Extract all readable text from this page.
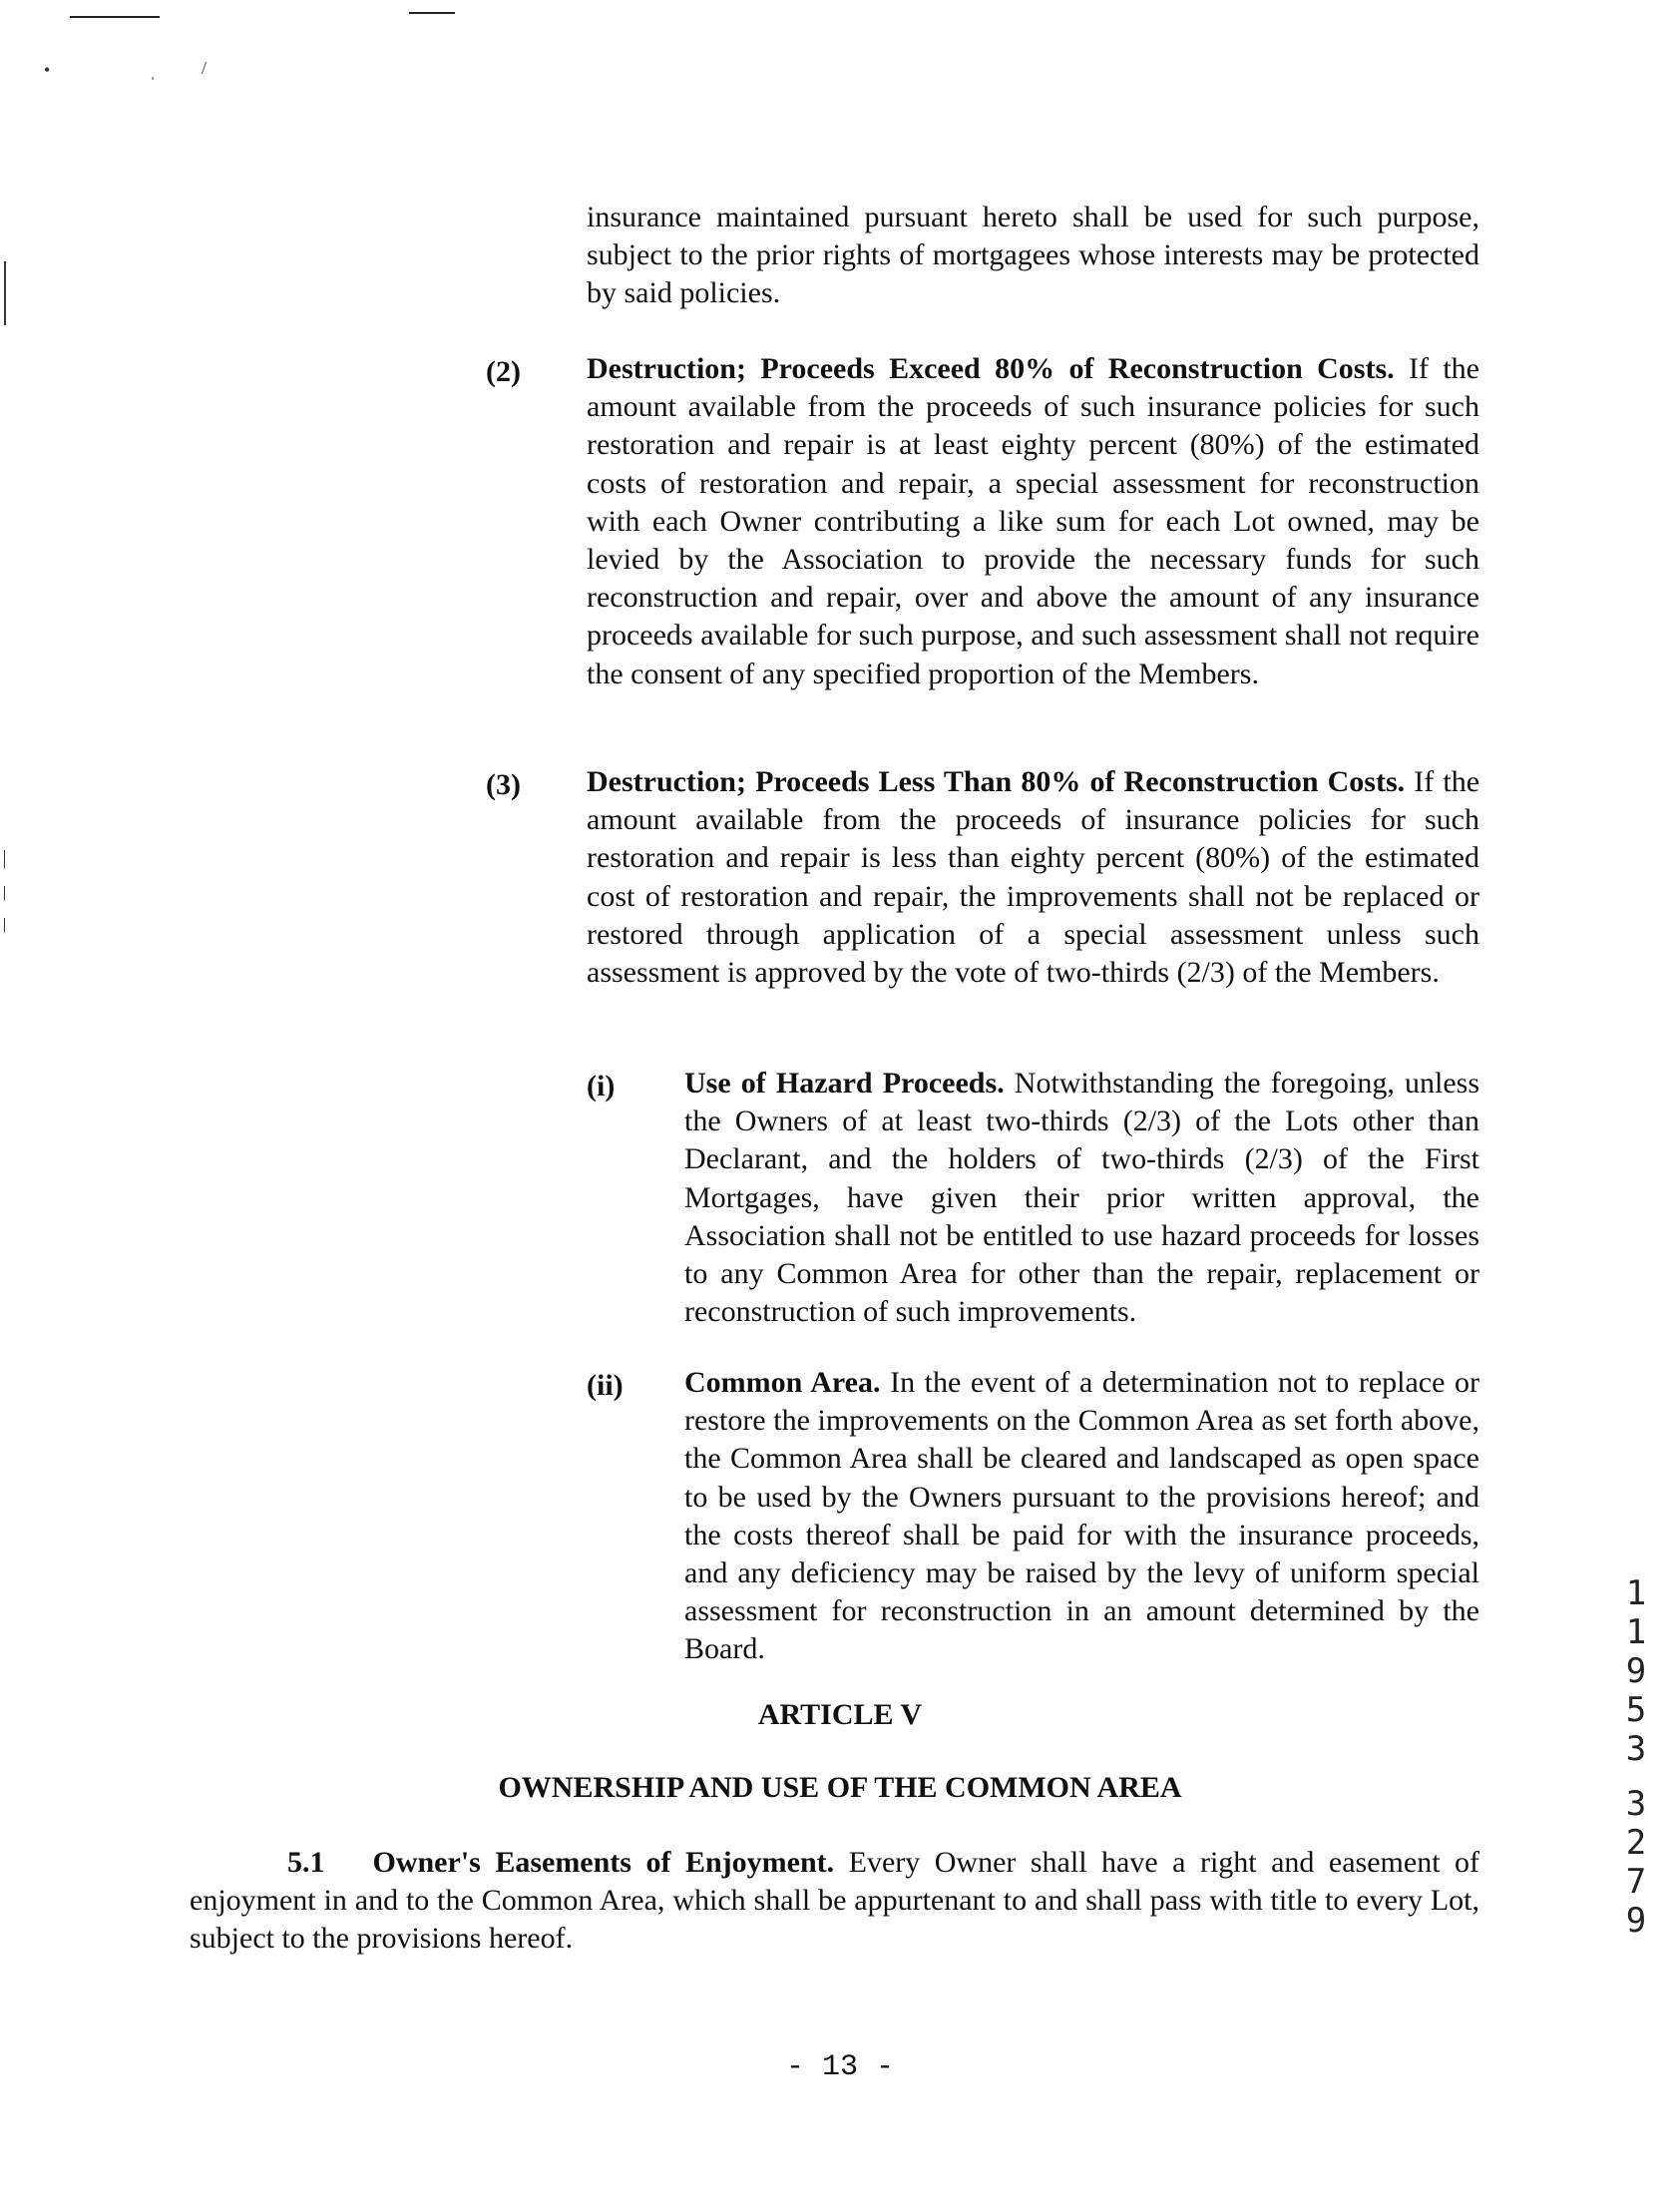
•	ˌ	/

insurance maintained pursuant hereto shall be used for such purpose, subject to the prior rights of mortgagees whose interests may be protected by said policies.

(2) Destruction; Proceeds Exceed 80% of Reconstruction Costs. If the amount available from the proceeds of such insurance policies for such restoration and repair is at least eighty percent (80%) of the estimated costs of restoration and repair, a special assessment for reconstruction with each Owner contributing a like sum for each Lot owned, may be levied by the Association to provide the necessary funds for such reconstruction and repair, over and above the amount of any insurance proceeds available for such purpose, and such assessment shall not require the consent of any specified proportion of the Members.

(3) Destruction; Proceeds Less Than 80% of Reconstruction Costs. If the amount available from the proceeds of insurance policies for such restoration and repair is less than eighty percent (80%) of the estimated cost of restoration and repair, the improvements shall not be replaced or restored through application of a special assessment unless such assessment is approved by the vote of two-thirds (2/3) of the Members.

(i) Use of Hazard Proceeds. Notwithstanding the foregoing, unless the Owners of at least two-thirds (2/3) of the Lots other than Declarant, and the holders of two-thirds (2/3) of the First Mortgages, have given their prior written approval, the Association shall not be entitled to use hazard proceeds for losses to any Common Area for other than the repair, replacement or reconstruction of such improvements.

(ii) Common Area. In the event of a determination not to replace or restore the improvements on the Common Area as set forth above, the Common Area shall be cleared and landscaped as open space to be used by the Owners pursuant to the provisions hereof; and the costs thereof shall be paid for with the insurance proceeds, and any deficiency may be raised by the levy of uniform special assessment for reconstruction in an amount determined by the Board.

ARTICLE V
OWNERSHIP AND USE OF THE COMMON AREA

5.1 Owner's Easements of Enjoyment. Every Owner shall have a right and easement of enjoyment in and to the Common Area, which shall be appurtenant to and shall pass with title to every Lot, subject to the provisions hereof.

1
1
9
5
3
3
2
7
9
- 13 -
